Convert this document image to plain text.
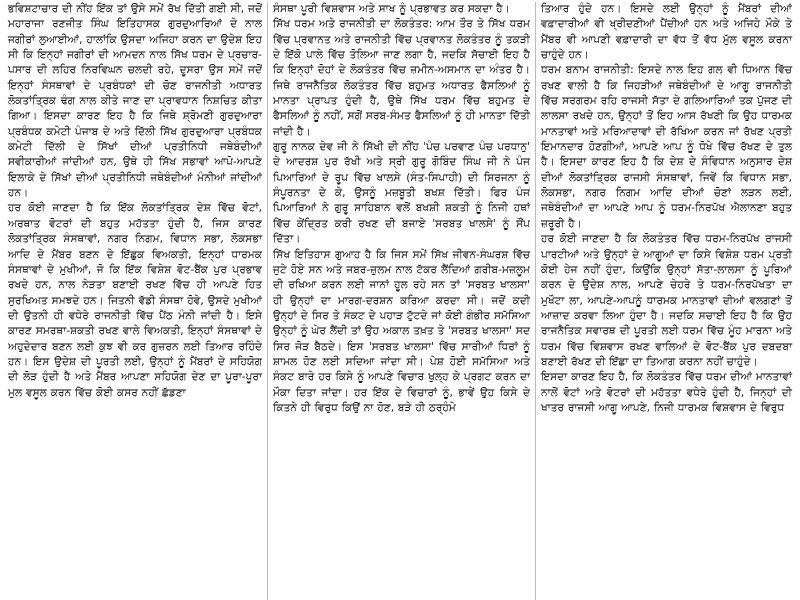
ਭਵਿਸ਼ਟਾਚਾਰ ਦੀ ਨੀਂਹ ਇੱਕ ਤਾਂ ਉਸੇ ਸਮੇਂ ਰੱਖ ਦਿੱਤੀ ਗਈ ਸੀ, ਜਦੋਂ ਮਹਾਰਾਜਾ ਰਣਜੀਤ ਸਿੰਘ ਇਤਿਹਾਸਕ ਗੁਰਦੁਆਰਿਆਂ ਦੇ ਨਾਲ ਜਗੀਰਾਂ ਲੁਆਈਆਂ, ਹਾਲਾਂਕਿ ਉਸਦਾ ਅਜਿਹਾ ਕਰਨ ਦਾ ਉਦੇਸ਼ ਇਹ ਸੀ ਕਿ ਇਨ੍ਹਾਂ ਜਗੀਰਾਂ ਦੀ ਆਮਦਨ ਨਾਲ ਸਿੱਖ ਧਰਮ ਦੇ ਪ੍ਰਚਾਰ-ਪਸਾਰ ਦੀ ਲਹਿਰ ਨਿਰਵਿਘਨ ਚਲਦੀ ਰਹੇ, ਦੂਸਰਾ ਉਸ ਸਮੇਂ ਜਦੋਂ ਇਨ੍ਹਾਂ ਸੰਸਥਾਵਾਂ ਦੇ ਪ੍ਰਬੰਧਕਾਂ ਦੀ ਚੋਣ ਰਾਜਨੀਤੀ ਅਧਾਰਤ ਲੋਕਤਾਂਤ੍ਰਿਕ ਢੰਗ ਨਾਲ ਕੀਤੇ ਜਾਣ ਦਾ ਪ੍ਰਾਵਧਾਨ ਨਿਸ਼ਚਿਤ ਕੀਤਾ ਗਿਆ। ਇਸਦਾ ਕਾਰਣ ਇਹ ਹੈ ਕਿ ਜਿਥੇ ਸ਼੍ਰੋਮਣੀ ਗੁਰਦੁਆਰਾ ਪ੍ਰਬੰਧਕ ਕਮੇਟੀ ਪੰਜਾਬ ਦੇ ਅਤੇ ਦਿੱਲੀ ਸਿੱਖ ਗੁਰਦੁਆਰਾ ਪ੍ਰਬੰਧਕ ਕਮੇਟੀ ਦਿੱਲੀ ਦੇ ਸਿੱਖਾਂ ਦੀਆਂ ਪ੍ਰਤੀਨਿਧੀ ਜਥੇਬੰਦੀਆਂ ਸਵੀਕਾਰੀਆਂ ਜਾਂਦੀਆਂ ਹਨ, ਉਥੇ ਹੀ ਸਿੱਖ ਸਭਾਵਾਂ ਆਪੋ-ਆਪਣੇ ਇਲਾਕੇ ਦੇ ਸਿੱਖਾਂ ਦੀਆਂ ਪ੍ਰਤੀਨਿਧੀ ਜਥੇਬੰਦੀਆਂ ਮੰਨੀਆਂ ਜਾਂਦੀਆਂ ਹਨ।

ਹਰ ਕੋਈ ਜਾਣਦਾ ਹੈ ਕਿ ਇੱਕ ਲੋਕਤਾਂਤ੍ਰਿਕ ਦੇਸ਼ ਵਿੱਚ ਵੋਟਾਂ, ਅਰਥਾਤ ਵੋਟਰਾਂ ਦੀ ਬਹੁਤ ਮਹੱਤਤਾ ਹੁੰਦੀ ਹੈ, ਜਿਸ ਕਾਰਣ ਲੋਕਤਾਂਤ੍ਰਿਕ ਸੰਸਥਾਵਾਂ, ਨਗਰ ਨਿਗਮ, ਵਿਧਾਨ ਸਭਾ, ਲੋਕਸਭਾ ਆਦਿ ਦੇ ਮੈਂਬਰ ਬਣਨ ਦੇ ਇੱਛੁਕ ਵਿਅਕਤੀ, ਇਨ੍ਹਾਂ ਧਾਰਮਕ ਸੰਸਥਾਵਾਂ ਦੇ ਮੁਖੀਆਂ, ਜੋ ਕਿ ਇੱਕ ਵਿਸ਼ੇਸ਼ ਵੋਟ-ਬੈਂਕ ਪੁਰ ਪ੍ਰਭਾਵ ਰਖਦੇ ਹਨ, ਨਾਲ ਨੇੜਤਾ ਬਣਾਈ ਰਖਣ ਵਿੱਚ ਹੀ ਆਪਣੇ ਹਿਤ ਸੁਰਖਿਅਤ ਸਮਝਦੇ ਹਨ। ਜਿਤਨੀ ਵੱਡੀ ਸੰਸਥਾ ਹੋਵੇ, ਉਸਦੇ ਮੁਖੀਆਂ ਦੀ ਉਤਨੀ ਹੀ ਵਧੇਰੇ ਰਾਜਨੀਤੀ ਵਿੱਚ ਪੈਂਠ ਮੰਨੀ ਜਾਂਦੀ ਹੈ। ਇਸੇ ਕਾਰਣ ਸਮਰਥਾ-ਸ਼ਕਤੀ ਰਖਣ ਵਾਲੇ ਵਿਅਕਤੀ, ਇਨ੍ਹਾਂ ਸੰਸਥਾਵਾਂ ਦੇ ਅਹੁਦੇਦਾਰ ਬਣਨ ਲਈ ਕੁਝ ਵੀ ਕਰ ਗੁਜ਼ਰਨ ਲਈ ਤਿਆਰ ਰਹਿੰਦੇ ਹਨ। ਇਸ ਉਦੇਸ਼ ਦੀ ਪੂਰਤੀ ਲਈ, ਉਨ੍ਹਾਂ ਨੂੰ ਮੈਂਬਰਾਂ ਦੇ ਸਹਿਯੋਗ ਦੀ ਲੋੜ ਹੁੰਦੀ ਹੈ ਅਤੇ ਮੈਂਬਰ ਆਪਣਾ ਸਹਿਯੋਗ ਦੇਣ ਦਾ ਪੂਰਾ-ਪੂਰਾ ਮੁਲ ਵਸੂਲ ਕਰਨ ਵਿੱਚ ਕੋਈ ਕਸਰ ਨਹੀਂ ਛੱਡਣਾ

ਸੰਸਥਾ ਪੂਰੀ ਵਿਸ਼ਵਾਸ ਅਤੇ ਸਾਖ ਨੂੰ ਪ੍ਰਭਾਵਤ ਕਰ ਸਕਦਾ ਹੈ।

ਸਿੱਖ ਧਰਮ ਅਤੇ ਰਾਜਨੀਤੀ ਦਾ ਲੋਕਤੰਤਰ: ਆਮ ਤੌਰ ਤੇ ਸਿੱਖ ਧਰਮ ਵਿੱਚ ਪ੍ਰਵਾਨਤ ਅਤੇ ਰਾਜਨੀਤੀ ਵਿੱਚ ਪ੍ਰਵਾਨਤ ਲੋਕਤੰਤਰ ਨੂੰ ਤਕੜੀ ਦੇ ਇੱਕੋ ਪਾਲੇ ਵਿੱਚ ਤੋਲਿਆ ਜਾਣ ਲਗਾ ਹੈ, ਜਦਕਿ ਸੱਚਾਈ ਇਹ ਹੈ ਕਿ ਇਨ੍ਹਾਂ ਦੋਹਾਂ ਦੇ ਲੋਕਤੰਤਰ ਵਿੱਚ ਜ਼ਮੀਨ-ਅਸਮਾਨ ਦਾ ਅੰਤਰ ਹੈ। ਜਿਥੇ ਰਾਜਨੈਤਿਕ ਲੋਕਤੰਤਰ ਵਿੱਚ ਬਹੁਮਤ ਅਧਾਰਤ ਫੈਸਲਿਆਂ ਨੂੰ ਮਾਨਤਾ ਪ੍ਰਾਪਤ ਹੁੰਦੀ ਹੈ, ਉਥੇ ਸਿੱਖ ਧਰਮ ਵਿੱਚ ਬਹੁਮਤ ਦੇ ਫੈਸਲਿਆਂ ਨੂੰ ਨਹੀਂ, ਸਗੋਂ ਸਰਬ-ਸੰਮਤ ਫੈਸਲਿਆਂ ਨੂੰ ਹੀ ਮਾਨਤਾ ਦਿੱਤੀ ਜਾਂਦੀ ਹੈ।

ਗੁਰੂ ਨਾਨਕ ਦੇਵ ਜੀ ਨੇ ਸਿੱਖੀ ਦੀ ਨੀਂਹ 'ਪੰਚ ਪਰਵਾਣ ਪੰਚ ਪਰਧਾਨੁ' ਦੇ ਆਦਰਸ਼ ਪੁਰ ਰੱਖੀ ਅਤੇ ਸ੍ਰੀ ਗੁਰੂ ਗੋਬਿੰਦ ਸਿੰਘ ਜੀ ਨੇ ਪੰਜ ਪਿਆਰਿਆਂ ਦੇ ਰੂਪ ਵਿੱਚ ਖਾਲਸੇ (ਸੰਤ-ਸਿਪਾਹੀ) ਦੀ ਸਿਰਜਨਾ ਨੂੰ ਸੰਪੂਰਨਤਾ ਦੇ ਕੇ, ਉਸਨੂੰ ਮਜ਼ਬੂਤੀ ਬਖਸ਼ ਦਿੱਤੀ। ਫਿਰ ਪੰਜ ਪਿਆਰਿਆਂ ਨੇ ਗੁਰੂ ਸਾਹਿਬਾਨ ਵਲੋਂ ਬਖਸ਼ੀ ਸ਼ਕਤੀ ਨੂੰ ਨਿਜੀ ਹਥਾਂ ਵਿੱਚ ਕੇਂਦ੍ਰਿਤ ਕਰੀ ਰਖਣ ਦੀ ਬਜਾਏ 'ਸਰਬਤ ਖਾਲਸੇ' ਨੂੰ ਸੌਂਪ ਦਿੱਤਾ।

ਸਿੱਖ ਇਤਿਹਾਸ ਗੁਆਹ ਹੈ ਕਿ ਜਿਸ ਸਮੇਂ ਸਿੱਖ ਜੀਵਨ-ਸੰਘਰਸ਼ ਵਿੱਚ ਜੁਟੇ ਹੋਏ ਸਨ ਅਤੇ ਜਬਰ-ਜ਼ੁਲਮ ਨਾਲ ਟੱਕਰ ਲੈਂਦਿਆਂ ਗਰੀਬ-ਮਜ਼ਲੂਮ ਦੀ ਰਖਿਆ ਕਰਨ ਲਈ ਜਾਨਾਂ ਹੂਲ ਰਹੇ ਸਨ ਤਾਂ 'ਸਰਬਤ ਖਾਲਸਾ' ਹੀ ਉਨ੍ਹਾਂ ਦਾ ਮਾਰਗ-ਦਰਸ਼ਨ ਕਰਿਆ ਕਰਦਾ ਸੀ। ਜਦੋਂ ਕਦੀ ਉਨ੍ਹਾਂ ਦੇ ਸਿਰ ਤੇ ਸੰਕਟ ਦੇ ਪਹਾੜ ਟੁੱਟਦੇ ਜਾਂ ਕੋਈ ਗੰਭੀਰ ਸਮੱਸਿਆ ਉਨ੍ਹਾਂ ਨੂੰ ਘੇਰ ਲੈਂਦੀ ਤਾਂ ਉਹ ਅਕਾਲ ਤਖ਼ਤ ਤੇ 'ਸਰਬਤ ਖਾਲਸਾ' ਸਦ ਸਿਰ ਜੋੜ ਬੈਠਦੇ। ਇਸ 'ਸਰਬਤ ਖਾਲਸਾ' ਵਿੱਚ ਸਾਰੀਆਂ ਧਿਰਾਂ ਨੂੰ ਸ਼ਾਮਲ ਹੋਣ ਲਈ ਸਦਿਆ ਜਾਂਦਾ ਸੀ। ਪੇਸ਼ ਹੋਈ ਸਮੱਸਿਆ ਅਤੇ ਸੰਕਟ ਬਾਰੇ ਹਰ ਕਿਸੇ ਨੂੰ ਆਪਣੇ ਵਿਚਾਰ ਖੁਲ੍ਹ ਕੇ ਪ੍ਰਗਟ ਕਰਨ ਦਾ ਮੌਕਾ ਦਿਤਾ ਜਾਂਦਾ। ਹਰ ਇੱਕ ਦੇ ਵਿਚਾਰਾਂ ਨੂੰ, ਭਾਵੇਂ ਉਹ ਕਿਸੇ ਦੇ ਕਿਤਨੇ ਹੀ ਵਿਰੁਧ ਕਿਉਂ ਨਾ ਹੋਣ, ਬੜੇ ਹੀ ਠਰ੍ਹੰਮੇ

ਤਿਆਰ ਹੁੰਦੇ ਹਨ। ਇਸਦੇ ਲਈ ਉਨ੍ਹਾਂ ਨੂੰ ਮੈਂਬਰਾਂ ਦੀਆਂ ਵਫ਼ਾਦਾਰੀਆਂ ਵੀ ਖ੍ਰੀਦਣੀਆਂ ਪੈਂਦੀਆਂ ਹਨ ਅਤੇ ਅਜਿਹੇ ਮੌਕੇ ਤੇ ਮੈਂਬਰ ਵੀ ਆਪਣੀ ਵਫ਼ਾਦਾਰੀ ਦਾ ਵੱਧ ਤੋਂ ਵੱਧ ਮੁੱਲ ਵਸੂਲ ਕਰਨਾ ਚਾਹੁੰਦੇ ਹਨ।

ਧਰਮ ਬਨਾਮ ਰਾਜਨੀਤੀ: ਇਸਦੇ ਨਾਲ ਇਹ ਗਲ ਵੀ ਧਿਆਨ ਵਿੱਚ ਰਖਣ ਵਾਲੀ ਹੈ ਕਿ ਜਿਹੜੀਆਂ ਜਥੇਬੰਦੀਆਂ ਦੇ ਆਗੂ ਰਾਜਨੀਤੀ ਵਿੱਚ ਸਰਗਰਮ ਰਹਿ ਰਾਜਸੀ ਸੱਤਾ ਦੇ ਗਲਿਆਰਿਆਂ ਤਕ ਪੁੱਜਣ ਦੀ ਲਾਲਸਾ ਰਖਦੇ ਹਨ, ਉਨ੍ਹਾਂ ਤੋਂ ਇਹ ਆਸ ਰੱਖਣੀ ਕਿ ਉਹ ਧਾਰਮਕ ਮਾਨਤਾਵਾਂ ਅਤੇ ਮਰਿਆਦਾਵਾਂ ਦੀ ਰੱਖਿਆ ਕਰਨ ਜਾਂ ਰੱਖਣ ਪ੍ਰਤੀ ਇਮਾਨਦਾਰ ਹੋਣਗੀਆਂ, ਆਪਣੇ ਆਪ ਨੂੰ ਧੋਖੇ ਵਿੱਚ ਰੱਖਣ ਦੇ ਤੁਲ ਹੈ। ਇਸਦਾ ਕਾਰਣ ਇਹ ਹੈ ਕਿ ਦੇਸ਼ ਦੇ ਸੰਵਿਧਾਨ ਅਨੁਸਾਰ ਦੇਸ਼ ਦੀਆਂ ਲੋਕਤਾਂਤ੍ਰਿਕ ਰਾਜਸੀ ਸੰਸਥਾਵਾਂ, ਜਿਵੇਂ ਕਿ ਵਿਧਾਨ ਸਭਾ, ਲੋਕਸਭਾ, ਨਗਰ ਨਿਗਮ ਆਦਿ ਦੀਆਂ ਚੋਣਾਂ ਲੜਨ ਲਈ, ਜਥੇਬੰਦੀਆਂ ਦਾ ਆਪਣੇ ਆਪ ਨੂੰ ਧਰਮ-ਨਿਰਪੱਖ ਐਲਾਨਣਾ ਬਹੁਤ ਜ਼ਰੂਰੀ ਹੈ।

ਹਰ ਕੋਈ ਜਾਣਦਾ ਹੈ ਕਿ ਲੋਕਤੰਤਰ ਵਿੱਚ ਧਰਮ-ਨਿਰਪੱਖ ਰਾਜਸੀ ਪਾਰਟੀਆਂ ਅਤੇ ਉਨ੍ਹਾਂ ਦੇ ਆਗੂਆਂ ਦਾ ਕਿਸੇ ਵਿਸ਼ੇਸ਼ ਧਰਮ ਪ੍ਰਤੀ ਕੋਈ ਹੇਜ ਨਹੀਂ ਹੁੰਦਾ, ਕਿਉਂਕਿ ਉਨ੍ਹਾਂ ਸੱਤਾ-ਲਾਲਸਾ ਨੂੰ ਪੂਰਿਆਂ ਕਰਨ ਦੇ ਉਦੇਸ਼ ਨਾਲ, ਆਪਣੇ ਚੇਹਰੇ ਤੇ ਧਰਮ-ਨਿਰਪੱਖਤਾ ਦਾ ਮੁਖੌਟਾ ਲਾ, ਆਪਣੇ-ਆਪਨੂੰ ਧਾਰਮਕ ਮਾਨਤਾਵਾਂ ਦੀਆਂ ਵਲਗਣਾਂ ਤੋਂ ਆਜ਼ਾਦ ਕਰਵਾ ਲਿਆ ਹੁੰਦਾ ਹੈ। ਜਦਕਿ ਸਚਾਈ ਇਹ ਹੈ ਕਿ ਉਹ ਰਾਜਨੈਤਿਕ ਸਵਾਰਥ ਦੀ ਪੂਰਤੀ ਲਈ ਧਰਮ ਵਿੱਚ ਮੂੰਹ ਮਾਰਨਾ ਅਤੇ ਧਰਮ ਵਿੱਚ ਵਿਸ਼ਵਾਸ ਰਖਣ ਵਾਲਿਆਂ ਦੇ ਵੋਟ-ਬੈਂਕ ਪੁਰ ਦਬਦਬਾ ਬਣਾਈ ਰੱਖਣ ਦੀ ਇੱਛਾ ਦਾ ਤਿਆਗ ਕਰਨਾ ਨਹੀਂ ਚਾਹੁੰਦੇ।

ਇਸਦਾ ਕਾਰਣ ਇਹ ਹੈ, ਕਿ ਲੋਕਤੰਤਰ ਵਿੱਚ ਧਰਮ ਦੀਆਂ ਮਾਨਤਾਵਾਂ ਨਾਲੋਂ ਵੋਟਾਂ ਅਤੇ ਵੋਟਰਾਂ ਦੀ ਮਹੱਤਤਾ ਵਧੇਰੇ ਹੁੰਦੀ ਹੈ, ਜਿਨ੍ਹਾਂ ਦੀ ਖਾਤਰ ਰਾਜਸੀ ਆਗੂ ਆਪਣੇ, ਨਿਜੀ ਧਾਰਮਕ ਵਿਸ਼ਵਾਸ ਦੇ ਵਿਰੁਧ
